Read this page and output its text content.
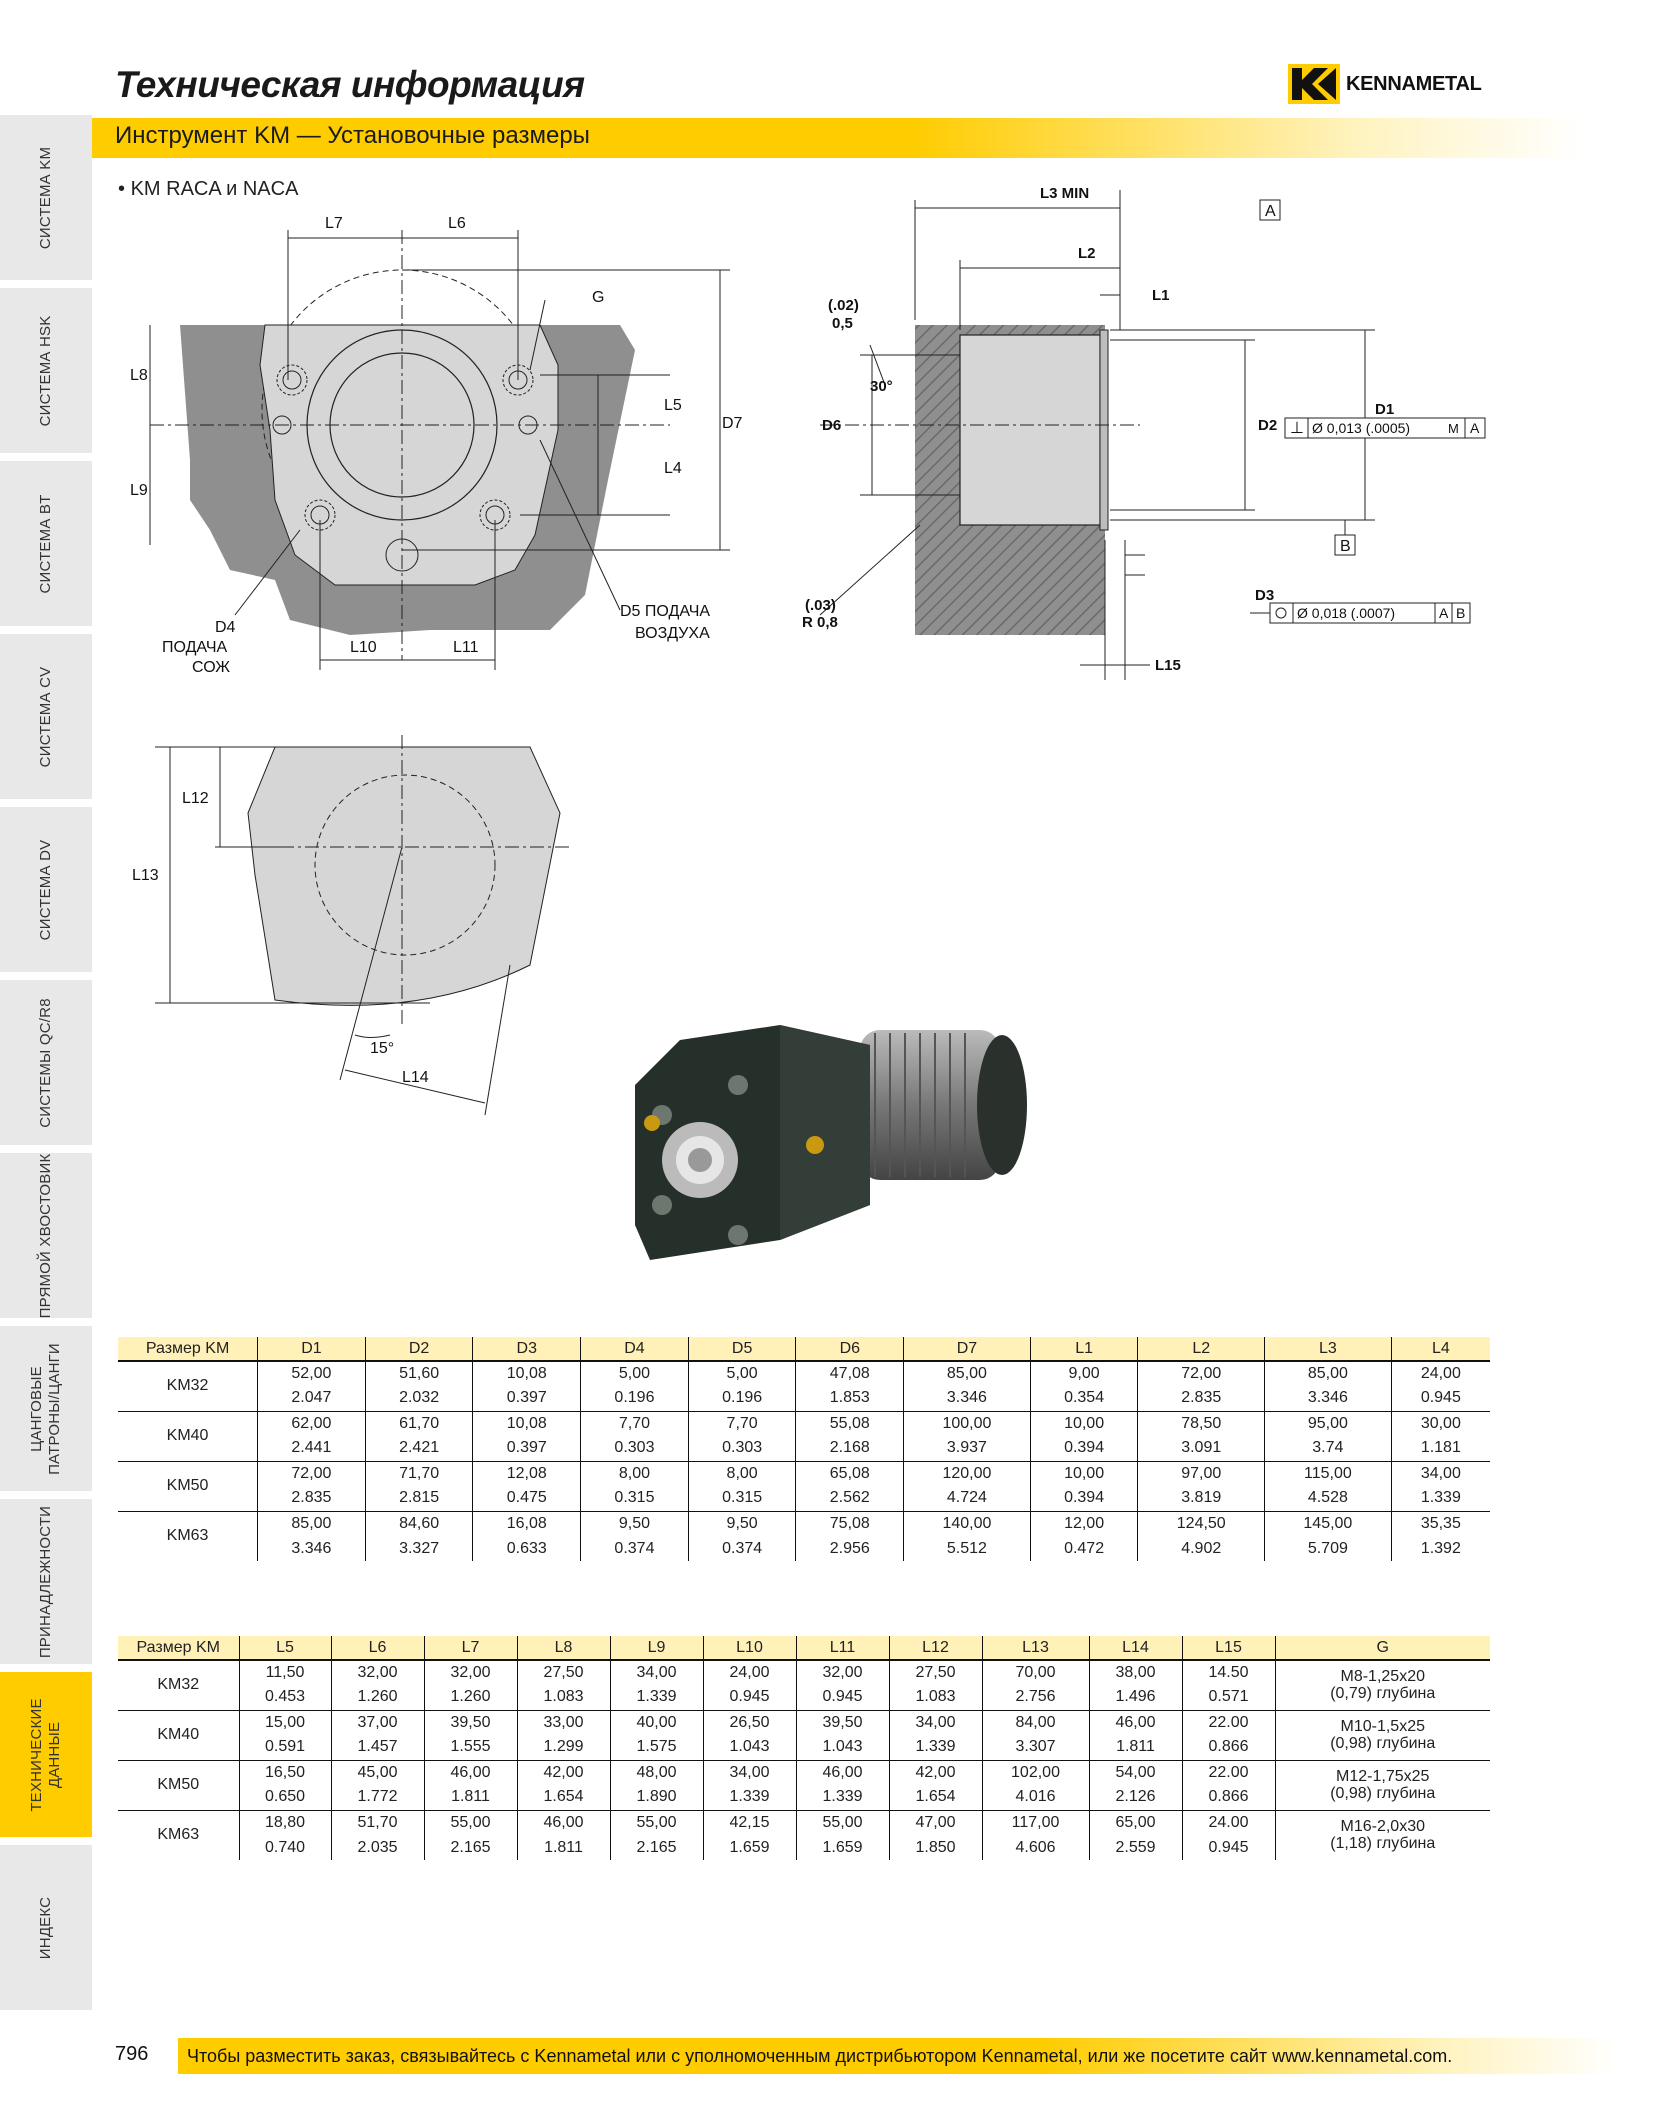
СИСТЕМА KM
СИСТЕМА HSK
СИСТЕМА BT
СИСТЕМА CV
СИСТЕМА DV
СИСТЕМЫ QC/R8
ПРЯМОЙ ХВОСТОВИК
ЦАНГОВЫЕ
ПАТРОНЫ/ЦАНГИ
ПРИНАДЛЕЖНОСТИ
ТЕХНИЧЕСКИЕ
ДАННЫЕ
ИНДЕКС
Техническая информация	KENNAMETAL
Инструмент KM — Установочные размеры
• KM RACA и NACA
L7	L6
G
L8
L5
D7
L4
L9
D4
ПОДАЧА
СОЖ
D5 ПОДАЧА
ВОЗДУХА
L10	L11
A
B
⊥ Ø 0,013 (.0005)	M A
Ø 0,018 (.0007)	A B
L3 MIN
L2
L1
(.02)
0,5
30°
D6	D2
D1
D3
L15
(.03)
R 0,8
L12
L13
15°
L14
Размер KM	D1	D2	D3	D4	D5	D6	D7	L1	L2	L3	L4
KM32	52,00	51,60	10,08	5,00	5,00	47,08	85,00	9,00	72,00	85,00	24,00
	2.047	2.032	0.397	0.196	0.196	1.853	3.346	0.354	2.835	3.346	0.945
KM40	62,00	61,70	10,08	7,70	7,70	55,08	100,00	10,00	78,50	95,00	30,00
	2.441	2.421	0.397	0.303	0.303	2.168	3.937	0.394	3.091	3.74	1.181
KM50	72,00	71,70	12,08	8,00	8,00	65,08	120,00	10,00	97,00	115,00	34,00
	2.835	2.815	0.475	0.315	0.315	2.562	4.724	0.394	3.819	4.528	1.339
KM63	85,00	84,60	16,08	9,50	9,50	75,08	140,00	12,00	124,50	145,00	35,35
	3.346	3.327	0.633	0.374	0.374	2.956	5.512	0.472	4.902	5.709	1.392
Размер KM	L5	L6	L7	L8	L9	L10	L11	L12	L13	L14	L15	G
KM32	11,50	32,00	32,00	27,50	34,00	24,00	32,00	27,50	70,00	38,00	14.50	M8-1,25x20
(0,79) глубина

	0.453	1.260	1.260	1.083	1.339	0.945	0.945	1.083	2.756	1.496	0.571	
KM40	15,00	37,00	39,50	33,00	40,00	26,50	39,50	34,00	84,00	46,00	22.00	M10-1,5x25
(0,98) глубина

	0.591	1.457	1.555	1.299	1.575	1.043	1.043	1.339	3.307	1.811	0.866	
KM50	16,50	45,00	46,00	42,00	48,00	34,00	46,00	42,00	102,00	54,00	22.00	M12-1,75x25
(0,98) глубина

	0.650	1.772	1.811	1.654	1.890	1.339	1.339	1.654	4.016	2.126	0.866	
KM63	18,80	51,70	55,00	46,00	55,00	42,15	55,00	47,00	117,00	65,00	24.00	M16-2,0x30
(1,18) глубина

	0.740	2.035	2.165	1.811	2.165	1.659	1.659	1.850	4.606	2.559	0.945	
796 Чтобы разместить заказ, связывайтесь с Kennametal или с уполномоченным дистрибьютором Kennametal, или же посетите сайт www.kennametal.com.
